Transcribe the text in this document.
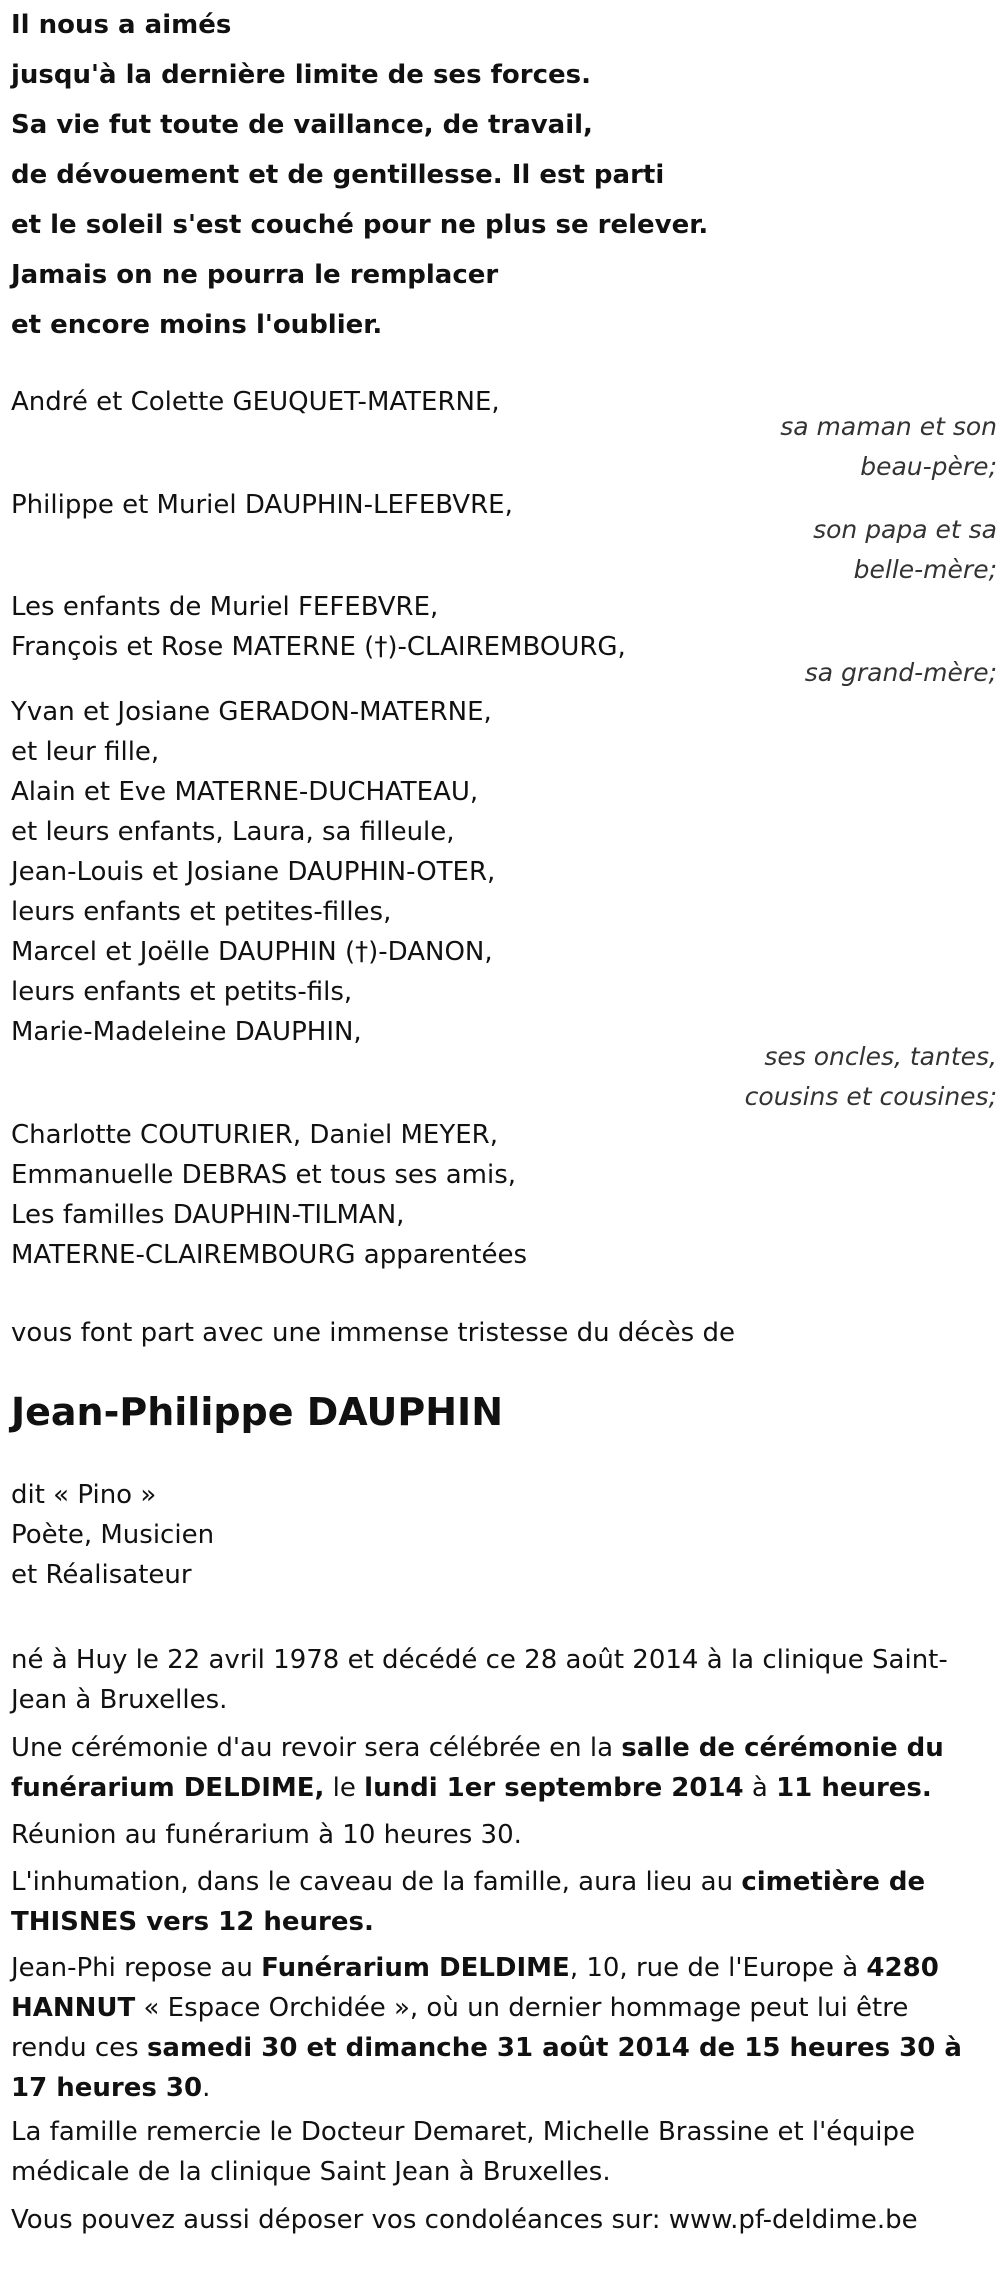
Il nous a aimés
jusqu'à la dernière limite de ses forces.
Sa vie fut toute de vaillance, de travail,
de dévouement et de gentillesse. Il est parti
et le soleil s'est couché pour ne plus se relever.
Jamais on ne pourra le remplacer
et encore moins l'oublier.
André et Colette GEUQUET-MATERNE,
sa maman et son
beau-père;
Philippe et Muriel DAUPHIN-LEFEBVRE,
son papa et sa
belle-mère;
Les enfants de Muriel FEFEBVRE,
François et Rose MATERNE (†)-CLAIREMBOURG,
sa grand-mère;
Yvan et Josiane GERADON-MATERNE,
et leur fille,
Alain et Eve MATERNE-DUCHATEAU,
et leurs enfants, Laura, sa filleule,
Jean-Louis et Josiane DAUPHIN-OTER,
leurs enfants et petites-filles,
Marcel et Joëlle DAUPHIN (†)-DANON,
leurs enfants et petits-fils,
Marie-Madeleine DAUPHIN,
ses oncles, tantes,
cousins et cousines;
Charlotte COUTURIER, Daniel MEYER,
Emmanuelle DEBRAS et tous ses amis,
Les familles DAUPHIN-TILMAN,
MATERNE-CLAIREMBOURG apparentées
vous font part avec une immense tristesse du décès de
Jean-Philippe DAUPHIN
dit « Pino »
Poète, Musicien
et Réalisateur
né à Huy le 22 avril 1978 et décédé ce 28 août 2014 à la clinique Saint-Jean à Bruxelles.
Une cérémonie d'au revoir sera célébrée en la salle de cérémonie du funérarium DELDIME, le lundi 1er septembre 2014 à 11 heures.
Réunion au funérarium à 10 heures 30.
L'inhumation, dans le caveau de la famille, aura lieu au cimetière de THISNES vers 12 heures.
Jean-Phi repose au Funérarium DELDIME, 10, rue de l'Europe à 4280 HANNUT « Espace Orchidée », où un dernier hommage peut lui être rendu ces samedi 30 et dimanche 31 août 2014 de 15 heures 30 à 17 heures 30.
La famille remercie le Docteur Demaret, Michelle Brassine et l'équipe médicale de la clinique Saint Jean à Bruxelles.
Vous pouvez aussi déposer vos condoléances sur: www.pf-deldime.be
